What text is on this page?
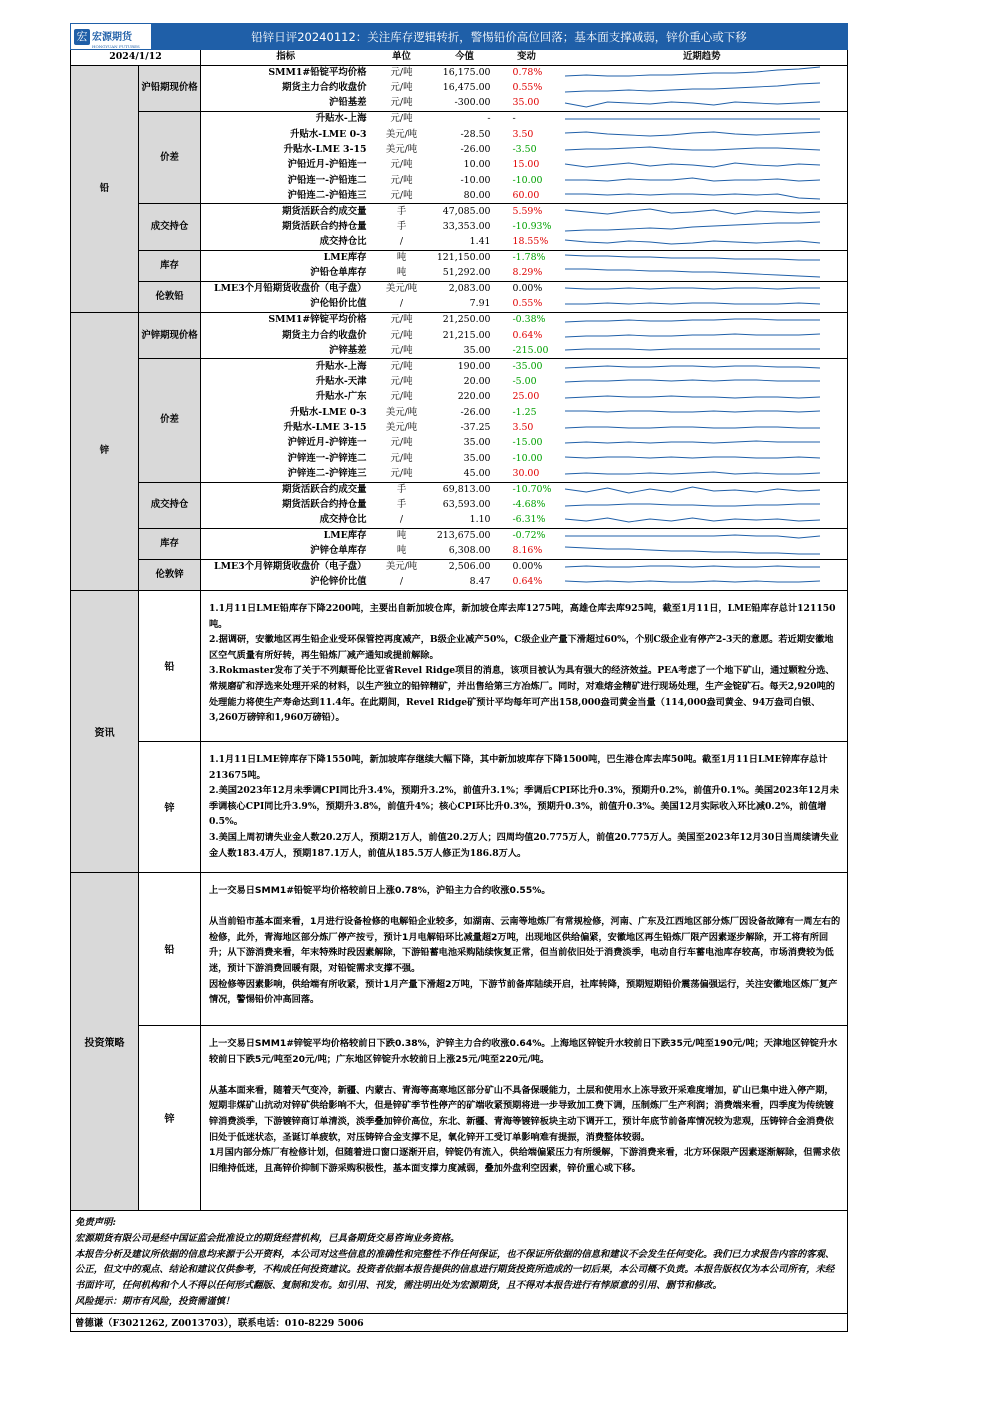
宏 宏源期货
HONGYUAN FUTURES
铅锌日评20240112：关注库存逻辑转折，警惕铅价高位回落；基本面支撑减弱，锌价重心或下移
2024/1/12		指标	单位	今值	变动	近期趋势
铅	沪铅期现价格	SMM1#铅锭平均价格	元/吨	16,175.00	0.78%	

		期货主力合约收盘价	元/吨	16,475.00	0.55%	

		沪铅基差	元/吨	-300.00	35.00	

	价差	升贴水-上海	元/吨	-	-	

		升贴水-LME 0-3	美元/吨	-28.50	3.50	

		升贴水-LME 3-15	美元/吨	-26.00	-3.50	

		沪铅近月-沪铅连一	元/吨	10.00	15.00	

		沪铅连一-沪铅连二	元/吨	-10.00	-10.00	

		沪铅连二-沪铅连三	元/吨	80.00	60.00	

	成交持仓	期货活跃合约成交量	手	47,085.00	5.59%	

		期货活跃合约持仓量	手	33,353.00	-10.93%	

		成交持仓比	/	1.41	18.55%	

	库存	LME库存	吨	121,150.00	-1.78%	

		沪铅仓单库存	吨	51,292.00	8.29%	

	伦敦铅	LME3个月铅期货收盘价（电子盘）	美元/吨	2,083.00	0.00%	

		沪伦铅价比值	/	7.91	0.55%	

锌	沪锌期现价格	SMM1#锌锭平均价格	元/吨	21,250.00	-0.38%	

		期货主力合约收盘价	元/吨	21,215.00	0.64%	

		沪锌基差	元/吨	35.00	-215.00	

	价差	升贴水-上海	元/吨	190.00	-35.00	

		升贴水-天津	元/吨	20.00	-5.00	

		升贴水-广东	元/吨	220.00	25.00	

		升贴水-LME 0-3	美元/吨	-26.00	-1.25	

		升贴水-LME 3-15	美元/吨	-37.25	3.50	

		沪锌近月-沪锌连一	元/吨	35.00	-15.00	

		沪锌连一-沪锌连二	元/吨	35.00	-10.00	

		沪锌连二-沪锌连三	元/吨	45.00	30.00	

	成交持仓	期货活跃合约成交量	手	69,813.00	-10.70%	

		期货活跃合约持仓量	手	63,593.00	-4.68%	

		成交持仓比	/	1.10	-6.31%	

	库存	LME库存	吨	213,675.00	-0.72%	

		沪锌仓单库存	吨	6,308.00	8.16%	

	伦敦锌	LME3个月锌期货收盘价（电子盘）	美元/吨	2,506.00	0.00%	

		沪伦锌价比值	/	8.47	0.64%	
资讯
铅
1.1月11日LME铅库存下降2200吨，主要出自新加坡仓库，新加坡仓库去库1275吨，高雄仓库去库925吨，截至1月11日，LME铅库存总计121150吨。
2.据调研，安徽地区再生铅企业受环保管控再度减产，B级企业减产50%，C级企业产量下滑超过60%，个别C级企业有停产2-3天的意愿。若近期安徽地区空气质量有所好转，再生铅炼厂减产通知或提前解除。
3.Rokmaster发布了关于不列颠哥伦比亚省Revel Ridge项目的消息，该项目被认为具有强大的经济效益。PEA考虑了一个地下矿山，通过颗粒分选、常规磨矿和浮选来处理开采的材料，以生产独立的铅锌精矿，并出售给第三方冶炼厂。同时，对难熔金精矿进行现场处理，生产金锭矿石。每天2,920吨的处理能力将使生产寿命达到11.4年。在此期间，Revel Ridge矿预计平均每年可产出158,000盎司黄金当量（114,000盎司黄金、94万盎司白银、3,260万磅锌和1,960万磅铅）。
锌
1.1月11日LME锌库存下降1550吨，新加坡库存继续大幅下降，其中新加坡库存下降1500吨，巴生港仓库去库50吨。截至1月11日LME锌库存总计213675吨。
2.美国2023年12月未季调CPI同比升3.4%，预期升3.2%，前值升3.1%；季调后CPI环比升0.3%，预期升0.2%，前值升0.1%。美国2023年12月未季调核心CPI同比升3.9%，预期升3.8%，前值升4%；核心CPI环比升0.3%，预期升0.3%，前值升0.3%。美国12月实际收入环比减0.2%，前值增0.5%。
3.美国上周初请失业金人数20.2万人，预期21万人，前值20.2万人；四周均值20.775万人，前值20.775万人。美国至2023年12月30日当周续请失业金人数183.4万人，预期187.1万人，前值从185.5万人修正为186.8万人。
投资策略
铅
上一交易日SMM1#铅锭平均价格较前日上涨0.78%，沪铅主力合约收涨0.55%。

从当前铅市基本面来看，1月进行设备检修的电解铅企业较多，如湖南、云南等地炼厂有常规检修，河南、广东及江西地区部分炼厂因设备故障有一周左右的检修，此外，青海地区部分炼厂停产按亏，预计1月电解铅环比减量超2万吨，出现地区供给偏紧，安徽地区再生铅炼厂限产因素逐步解除，开工将有所回升；从下游消费来看，年末特殊时段因素解除，下游铅蓄电池采购陆续恢复正常，但当前依旧处于消费淡季，电动自行车蓄电池库存较高，市场消费较为低迷，预计下游消费回暖有限，对铅锭需求支撑不强。
因检修等因素影响，供给端有所收紧，预计1月产量下滑超2万吨，下游节前备库陆续开启，社库转降，预期短期铅价震荡偏强运行，关注安徽地区炼厂复产情况，警惕铅价冲高回落。
锌
上一交易日SMM1#锌锭平均价格较前日下跌0.38%，沪锌主力合约收涨0.64%。上海地区锌锭升水较前日下跌35元/吨至190元/吨；天津地区锌锭升水较前日下跌5元/吨至20元/吨；广东地区锌锭升水较前日上涨25元/吨至220元/吨。

从基本面来看，随着天气变冷，新疆、内蒙古、青海等高寒地区部分矿山不具备保暖能力，土层和使用水上冻导致开采难度增加，矿山已集中进入停产期，短期非煤矿山抗动对锌矿供给影响不大，但是锌矿季节性停产的矿端收紧预期将进一步导致加工费下调，压制炼厂生产利润；消费端来看，四季度为传统镀锌消费淡季，下游镀锌商订单清淡，淡季叠加锌价高位，东北、新疆、青海等镀锌板块主动下调开工，预计年底节前备库情况较为悲观，压铸锌合金消费依旧处于低迷状态，圣诞订单疲软，对压铸锌合金支撑不足，氧化锌开工受订单影响难有提振，消费整体较弱。
1月国内部分炼厂有检修计划，但随着进口窗口逐渐开启，锌锭仍有流入，供给端偏紧压力有所缓解，下游消费来看，北方环保限产因素逐渐解除，但需求依旧维持低迷，且高锌价抑制下游采购积极性，基本面支撑力度减弱，叠加外盘利空因素，锌价重心或下移。
免责声明:
宏源期货有限公司是经中国证监会批准设立的期货经营机构，已具备期货交易咨询业务资格。
本报告分析及建议所依据的信息均来源于公开资料，本公司对这些信息的准确性和完整性不作任何保证，也不保证所依据的信息和建议不会发生任何变化。我们已力求报告内容的客观、公正，但文中的观点、结论和建议仅供参考，不构成任何投资建议。投资者依据本报告提供的信息进行期货投资所造成的一切后果，本公司概不负责。本报告版权仅为本公司所有，未经书面许可，任何机构和个人不得以任何形式翻版、复制和发布。如引用、刊发，需注明出处为宏源期货，且不得对本报告进行有悖原意的引用、删节和修改。
风险提示：期市有风险，投资需谨慎！
曾德谦（F3021262, Z0013703），联系电话：010-8229 5006
